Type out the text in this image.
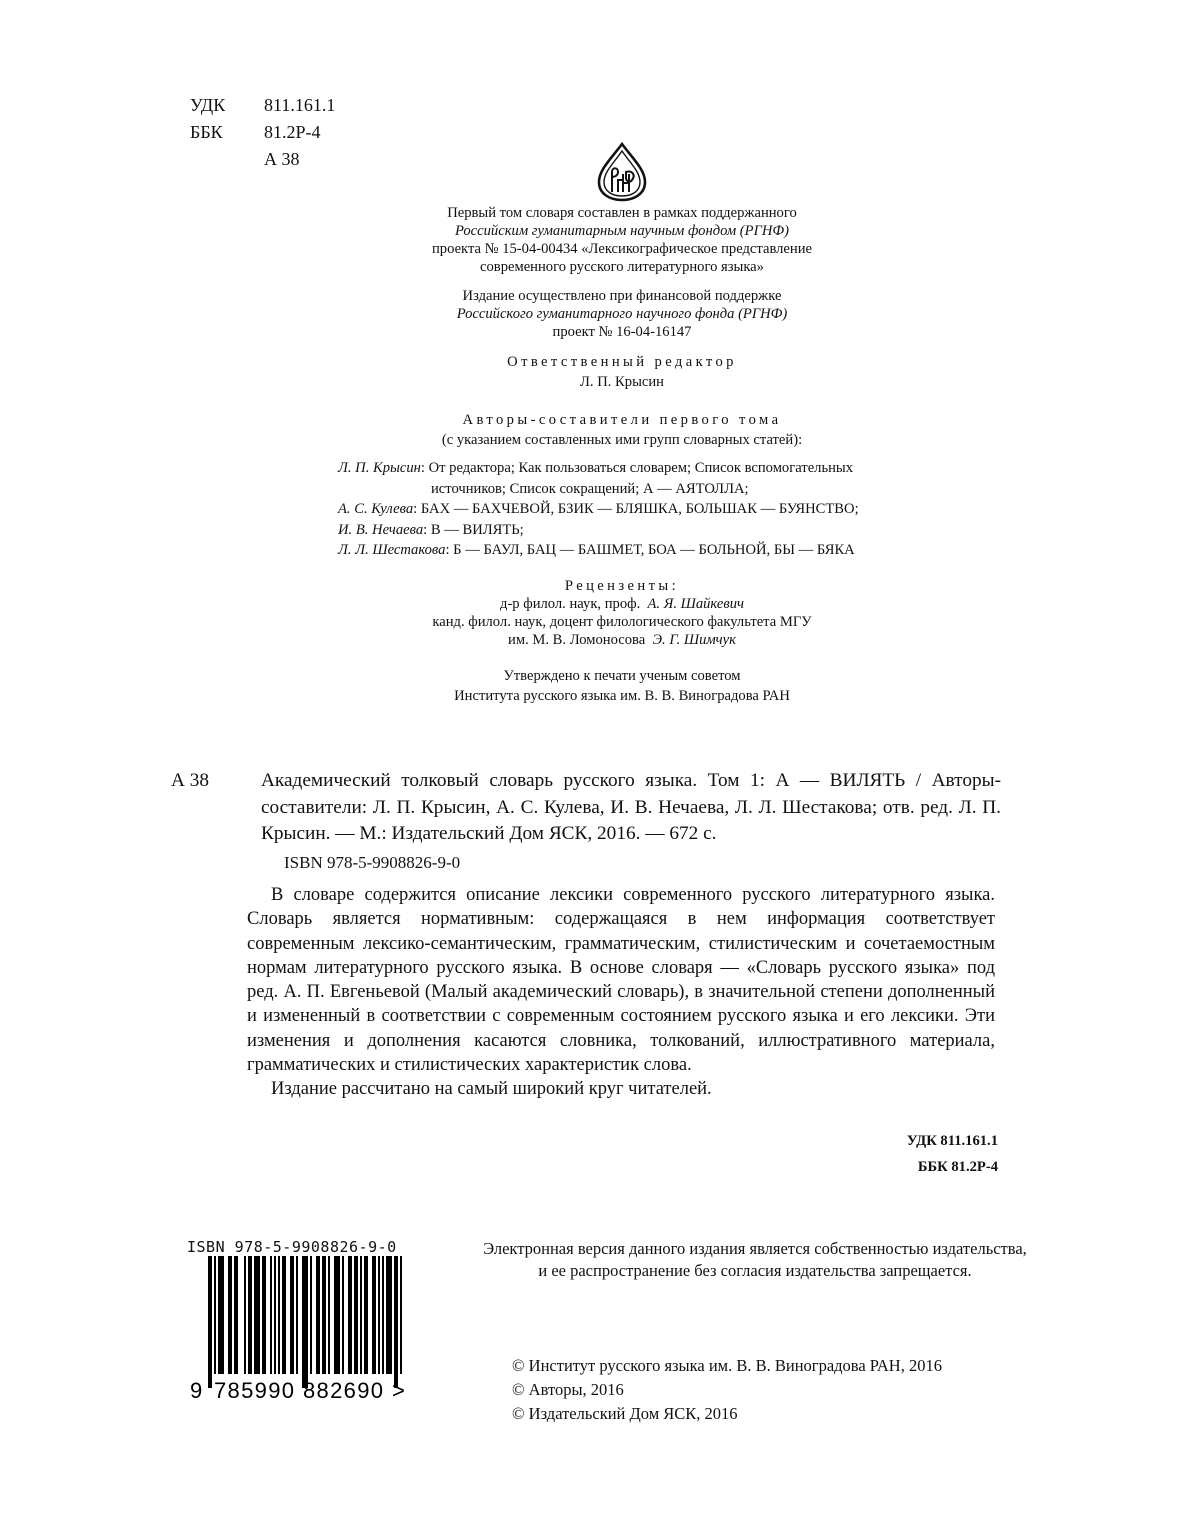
УДК	811.161.1
ББК	81.2Р-4
А 38
Первый том словаря составлен в рамках поддержанного
Российским гуманитарным научным фондом (РГНФ)
проекта № 15-04-00434 «Лексикографическое представление
современного русского литературного языка»
Издание осуществлено при финансовой поддержке
Российского гуманитарного научного фонда (РГНФ)
проект № 16-04-16147
Ответственный редактор
Л. П. Крысин
Авторы-составители первого тома
(с указанием составленных ими групп словарных статей):
Л. П. Крысин: От редактора; Как пользоваться словарем; Список вспомогательных
источников; Список сокращений; А — АЯТОЛЛА;
А. С. Кулева: БАХ — БАХЧЕВОЙ, БЗИК — БЛЯШКА, БОЛЬШАК — БУЯНСТВО;
И. В. Нечаева: В — ВИЛЯТЬ;
Л. Л. Шестакова: Б — БАУЛ, БАЦ — БАШМЕТ, БОА — БОЛЬНОЙ, БЫ — БЯКА
Рецензенты:
д-р филол. наук, проф. А. Я. Шайкевич
канд. филол. наук, доцент филологического факультета МГУ
им. М. В. Ломоносова Э. Г. Шимчук
Утверждено к печати ученым советом
Института русского языка им. В. В. Виноградова РАН
А 38	Академический толковый словарь русского языка. Том 1: А — ВИЛЯТЬ / Авторы-составители: Л. П. Крысин, А. С. Кулева, И. В. Нечаева, Л. Л. Шестакова; отв. ред. Л. П. Крысин. — М.: Издательский Дом ЯСК, 2016. — 672 с.
ISBN 978-5-9908826-9-0

В словаре содержится описание лексики современного русского литературного языка. Словарь является нормативным: содержащаяся в нем информация соответствует современным лексико-семантическим, грамматическим, стилистическим и сочетаемостным нормам литературного русского языка. В основе словаря — «Словарь русского языка» под ред. А. П. Евгеньевой (Малый академический словарь), в значительной степени дополненный и измененный в соответствии с современным состоянием русского языка и его лексики. Эти изменения и дополнения касаются словника, толкований, иллюстративного материала, грамматических и стилистических характеристик слова.

Издание рассчитано на самый широкий круг читателей.

УДК 811.161.1
ББК 81.2Р-4
ISBN 978-5-9908826-9-0
9 785990 882690 >
Электронная версия данного издания является собственностью издательства,
и ее распространение без согласия издательства запрещается.
© Институт русского языка им. В. В. Виноградова РАН, 2016
© Авторы, 2016
© Издательский Дом ЯСК, 2016
